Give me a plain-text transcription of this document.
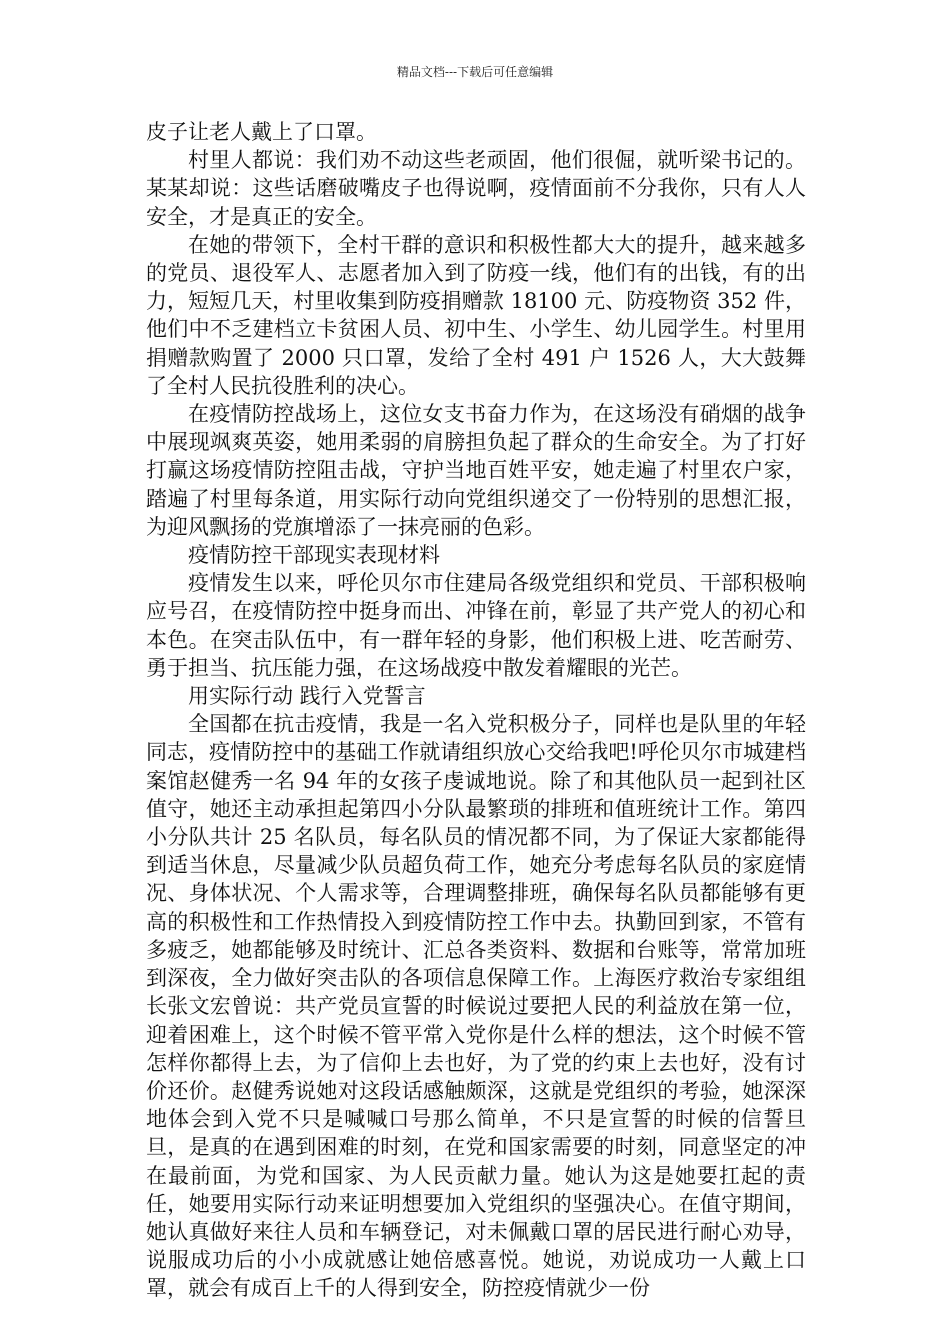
精品文档---下载后可任意编辑

皮子让老人戴上了口罩。

村里人都说：我们劝不动这些老顽固，他们很倔，就听梁书记的。某某却说：这些话磨破嘴皮子也得说啊，疫情面前不分我你，只有人人安全，才是真正的安全。

在她的带领下，全村干群的意识和积极性都大大的提升，越来越多的党员、退役军人、志愿者加入到了防疫一线，他们有的出钱，有的出力，短短几天，村里收集到防疫捐赠款 18100 元、防疫物资 352 件，他们中不乏建档立卡贫困人员、初中生、小学生、幼儿园学生。村里用捐赠款购置了 2000 只口罩，发给了全村 491 户 1526 人，大大鼓舞了全村人民抗役胜利的决心。

在疫情防控战场上，这位女支书奋力作为，在这场没有硝烟的战争中展现飒爽英姿，她用柔弱的肩膀担负起了群众的生命安全。为了打好打赢这场疫情防控阻击战，守护当地百姓平安，她走遍了村里农户家，踏遍了村里每条道，用实际行动向党组织递交了一份特别的思想汇报，为迎风飘扬的党旗增添了一抹亮丽的色彩。

疫情防控干部现实表现材料

疫情发生以来，呼伦贝尔市住建局各级党组织和党员、干部积极响应号召，在疫情防控中挺身而出、冲锋在前，彰显了共产党人的初心和本色。在突击队伍中，有一群年轻的身影，他们积极上进、吃苦耐劳、勇于担当、抗压能力强，在这场战疫中散发着耀眼的光芒。

用实际行动 践行入党誓言

全国都在抗击疫情，我是一名入党积极分子，同样也是队里的年轻同志，疫情防控中的基础工作就请组织放心交给我吧!呼伦贝尔市城建档案馆赵健秀一名 94 年的女孩子虔诚地说。除了和其他队员一起到社区值守，她还主动承担起第四小分队最繁琐的排班和值班统计工作。第四小分队共计 25 名队员，每名队员的情况都不同，为了保证大家都能得到适当休息，尽量减少队员超负荷工作，她充分考虑每名队员的家庭情况、身体状况、个人需求等，合理调整排班，确保每名队员都能够有更高的积极性和工作热情投入到疫情防控工作中去。执勤回到家，不管有多疲乏，她都能够及时统计、汇总各类资料、数据和台账等，常常加班到深夜，全力做好突击队的各项信息保障工作。上海医疗救治专家组组长张文宏曾说：共产党员宣誓的时候说过要把人民的利益放在第一位，迎着困难上，这个时候不管平常入党你是什么样的想法，这个时候不管怎样你都得上去，为了信仰上去也好，为了党的约束上去也好，没有讨价还价。赵健秀说她对这段话感触颇深，这就是党组织的考验，她深深地体会到入党不只是喊喊口号那么简单，不只是宣誓的时候的信誓旦旦，是真的在遇到困难的时刻，在党和国家需要的时刻，同意坚定的冲在最前面，为党和国家、为人民贡献力量。她认为这是她要扛起的责任，她要用实际行动来证明想要加入党组织的坚强决心。在值守期间，她认真做好来往人员和车辆登记，对未佩戴口罩的居民进行耐心劝导，说服成功后的小小成就感让她倍感喜悦。她说，劝说成功一人戴上口罩，就会有成百上千的人得到安全，防控疫情就少一份
